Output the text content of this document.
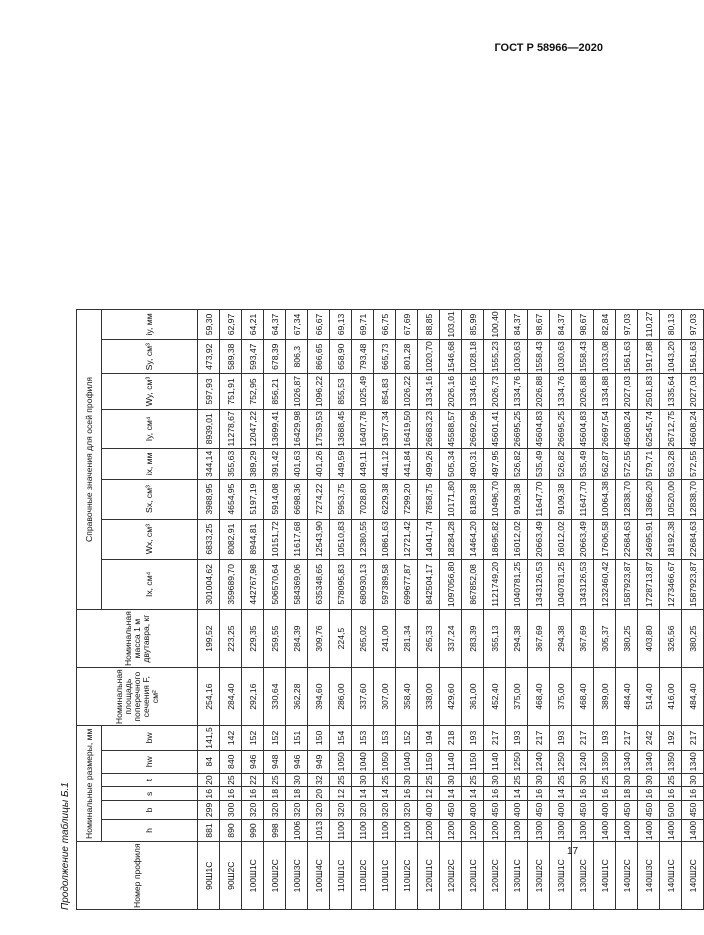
ГОСТ Р 58966—2020
Продолжение таблицы Б.1	Номер профиля	Номинальные размеры, мм						Номинальная площадь поперечного сечения F, см²	Номинальная масса 1 м двутавра, кг	Справочные значения для осей профиля							
	h	b	s	t	hw	bw			Ix, см⁴	Wx, см³	Sx, см³	ix, мм	Iy, см⁴	Wy, см³	Sy, см³	iy, мм
90Ш1С	881	299	16	20	84	141,5	254,16	199,52	301004,62	6833,25	3988,95	344,14	8939,01	597,93	473,92	59,30
90Ш2С	890	300	16	25	840	142	284,40	223,25	359689,70	8082,91	4654,95	355,63	11278,67	751,91	589,38	62,97
100Ш1С	990	320	16	22	946	152	292,16	229,35	442767,98	8944,81	5197,19	389,29	12047,22	752,95	593,47	64,21
100Ш2С	998	320	18	25	948	152	330,64	259,55	506570,64	10151,72	5914,08	391,42	13699,41	856,21	678,39	64,37
100Ш3С	1006	320	18	30	946	151	362,28	284,39	584369,06	11617,68	6698,36	401,63	16429,98	1026,87	806,3	67,34
100Ш4С	1013	320	20	32	949	150	394,60	309,76	635348,65	12543,90	7274,22	401,26	17539,53	1096,22	866,65	66,67
110Ш1С	1100	320	12	25	1050	154	286,00	224,5	578095,83	10510,83	5953,75	449,59	13688,45	855,53	658,90	69,13
110Ш2С	1100	320	14	30	1040	153	337,60	265,02	680930,13	12380,55	7028,80	449,11	16407,78	1025,49	793,48	69,71
110Ш1С	1100	320	14	25	1050	153	307,00	241,00	597389,58	10861,63	6229,38	441,12	13677,34	854,83	665,73	66,75
110Ш2С	1100	320	16	30	1040	152	358,40	281,34	699677,87	12721,42	7299,20	441,84	16419,50	1026,22	801,28	67,69
120Ш1С	1200	400	12	25	1150	194	338,00	265,33	842504,17	14041,74	7858,75	499,26	26683,23	1334,16	1020,70	88,85
120Ш2С	1200	450	14	30	1140	218	429,60	337,24	1097056,80	18284,28	10171,80	505,34	45588,57	2026,16	1546,68	103,01
120Ш1С	1200	400	14	25	1150	193	361,00	283,39	867852,08	14464,20	8189,38	490,31	26692,96	1334,65	1028,18	85,99
120Ш2С	1200	450	16	30	1140	217	452,40	355,13	1121749,20	18695,82	10496,70	497,95	45601,41	2026,73	1555,23	100,40
130Ш1С	1300	400	14	25	1250	193	375,00	294,38	1040781,25	16012,02	9109,38	526,82	26695,25	1334,76	1030,63	84,37
130Ш2С	1300	450	16	30	1240	217	468,40	367,69	1343126,53	20663,49	11647,70	535,49	45604,83	2026,88	1558,43	98,67
130Ш1С	1300	400	14	25	1250	193	375,00	294,38	1040781,25	16012,02	9109,38	526,82	26695,25	1334,76	1030,63	84,37
130Ш2С	1300	450	16	30	1240	217	468,40	367,69	1343126,53	20663,49	11647,70	535,49	45604,83	2026,88	1558,43	98,67
140Ш1С	1400	400	16	25	1350	193	389,00	305,37	1232460,42	17606,58	10064,38	562,87	26697,54	1334,88	1033,08	82,84
140Ш2С	1400	450	18	30	1340	217	484,40	380,25	1587923,87	22684,63	12838,70	572,55	45608,24	2027,03	1561,63	97,03
140Ш3С	1400	450	16	30	1340	242	514,40	403,80	1728713,87	24695,91	13866,20	579,71	62545,74	2501,83	1917,88	110,27
140Ш1С	1400	500	16	25	1350	192	416,00	326,56	1273466,67	18192,38	10520,00	553,28	26712,75	1335,64	1043,20	80,13
140Ш2С	1400	450	16	30	1340	217	484,40	380,25	1587923,87	22684,63	12838,70	572,55	45608,24	2027,03	1561,63	97,03
17
